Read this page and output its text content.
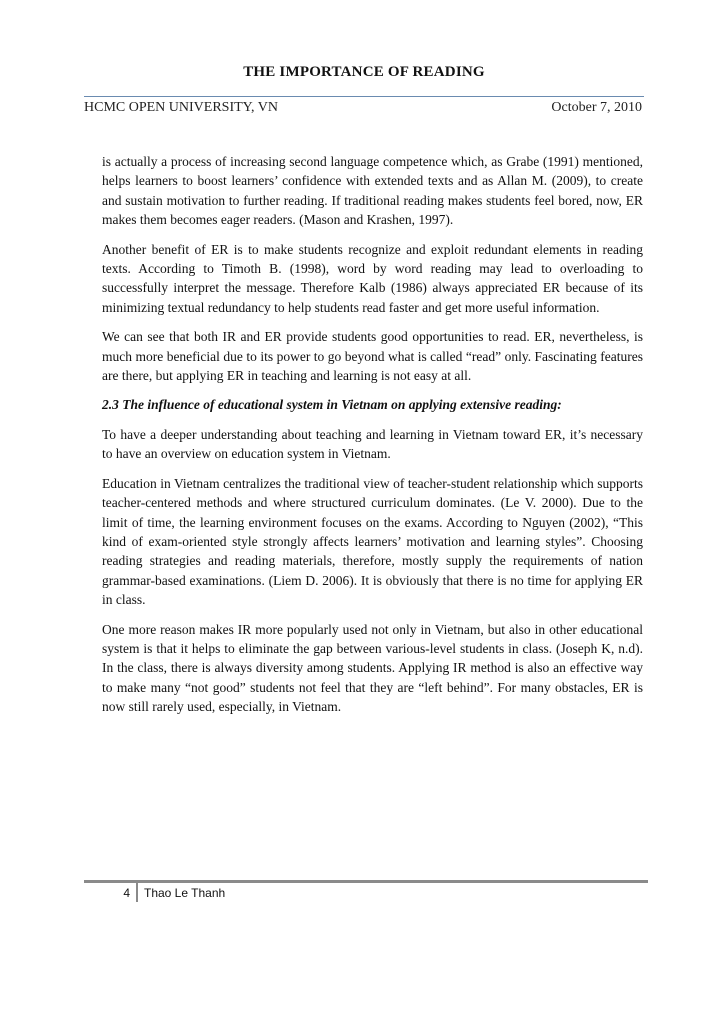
THE IMPORTANCE OF READING
HCMC OPEN UNIVERSITY, VN	October 7, 2010

is actually a process of increasing second language competence which, as Grabe (1991) mentioned, helps learners to boost learners’ confidence with extended texts and as Allan M. (2009), to create and sustain motivation to further reading. If traditional reading makes students feel bored, now, ER makes them becomes eager readers. (Mason and Krashen, 1997).

Another benefit of ER is to make students recognize and exploit redundant elements in reading texts. According to Timoth B. (1998), word by word reading may lead to overloading to successfully interpret the message. Therefore Kalb (1986) always appreciated ER because of its minimizing textual redundancy to help students read faster and get more useful information.

We can see that both IR and ER provide students good opportunities to read. ER, nevertheless, is much more beneficial due to its power to go beyond what is called “read” only. Fascinating features are there, but applying ER in teaching and learning is not easy at all.

2.3 The influence of educational system in Vietnam on applying extensive reading:

To have a deeper understanding about teaching and learning in Vietnam toward ER, it’s necessary to have an overview on education system in Vietnam.

Education in Vietnam centralizes the traditional view of teacher-student relationship which supports teacher-centered methods and where structured curriculum dominates. (Le V. 2000). Due to the limit of time, the learning environment focuses on the exams. According to Nguyen (2002), “This kind of exam-oriented style strongly affects learners’ motivation and learning styles”. Choosing reading strategies and reading materials, therefore, mostly supply the requirements of nation grammar-based examinations. (Liem D. 2006). It is obviously that there is no time for applying ER in class.

One more reason makes IR more popularly used not only in Vietnam, but also in other educational system is that it helps to eliminate the gap between various-level students in class. (Joseph K, n.d). In the class, there is always diversity among students. Applying IR method is also an effective way to make many “not good” students not feel that they are “left behind”. For many obstacles, ER is now still rarely used, especially, in Vietnam.

4 Thao Le Thanh
